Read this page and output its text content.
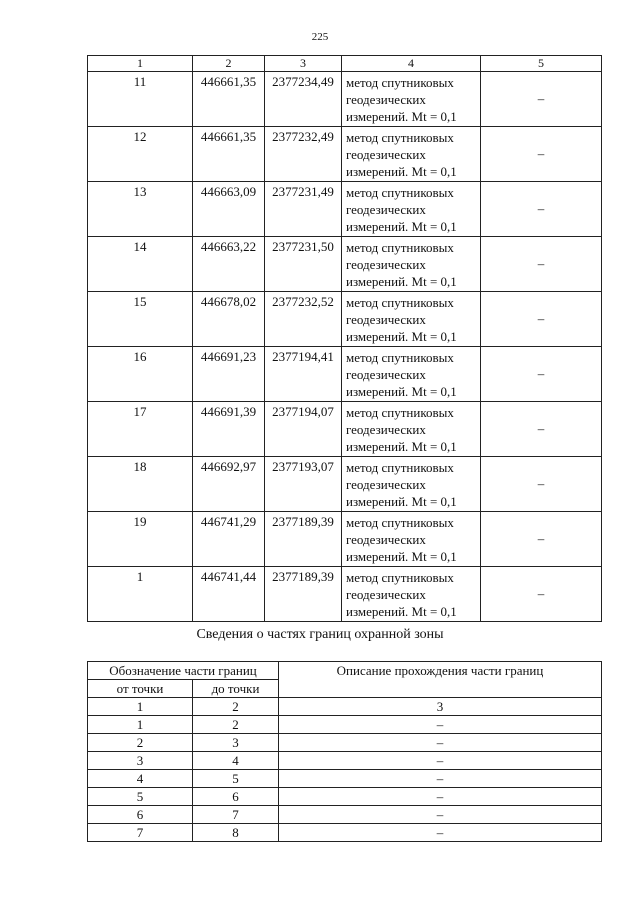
225
1	2	3	4	5
11	446661,35	2377234,49	метод спутниковых
геодезических
измерений. Mt = 0,1	–
12	446661,35	2377232,49	метод спутниковых
геодезических
измерений. Mt = 0,1	–
13	446663,09	2377231,49	метод спутниковых
геодезических
измерений. Mt = 0,1	–
14	446663,22	2377231,50	метод спутниковых
геодезических
измерений. Mt = 0,1	–
15	446678,02	2377232,52	метод спутниковых
геодезических
измерений. Mt = 0,1	–
16	446691,23	2377194,41	метод спутниковых
геодезических
измерений. Mt = 0,1	–
17	446691,39	2377194,07	метод спутниковых
геодезических
измерений. Mt = 0,1	–
18	446692,97	2377193,07	метод спутниковых
геодезических
измерений. Mt = 0,1	–
19	446741,29	2377189,39	метод спутниковых
геодезических
измерений. Mt = 0,1	–
1	446741,44	2377189,39	метод спутниковых
геодезических
измерений. Mt = 0,1	–
Сведения о частях границ охранной зоны
Обозначение части границ		Описание прохождения части границ
от точки	до точки	
1	2	3
1	2	–
2	3	–
3	4	–
4	5	–
5	6	–
6	7	–
7	8	–
